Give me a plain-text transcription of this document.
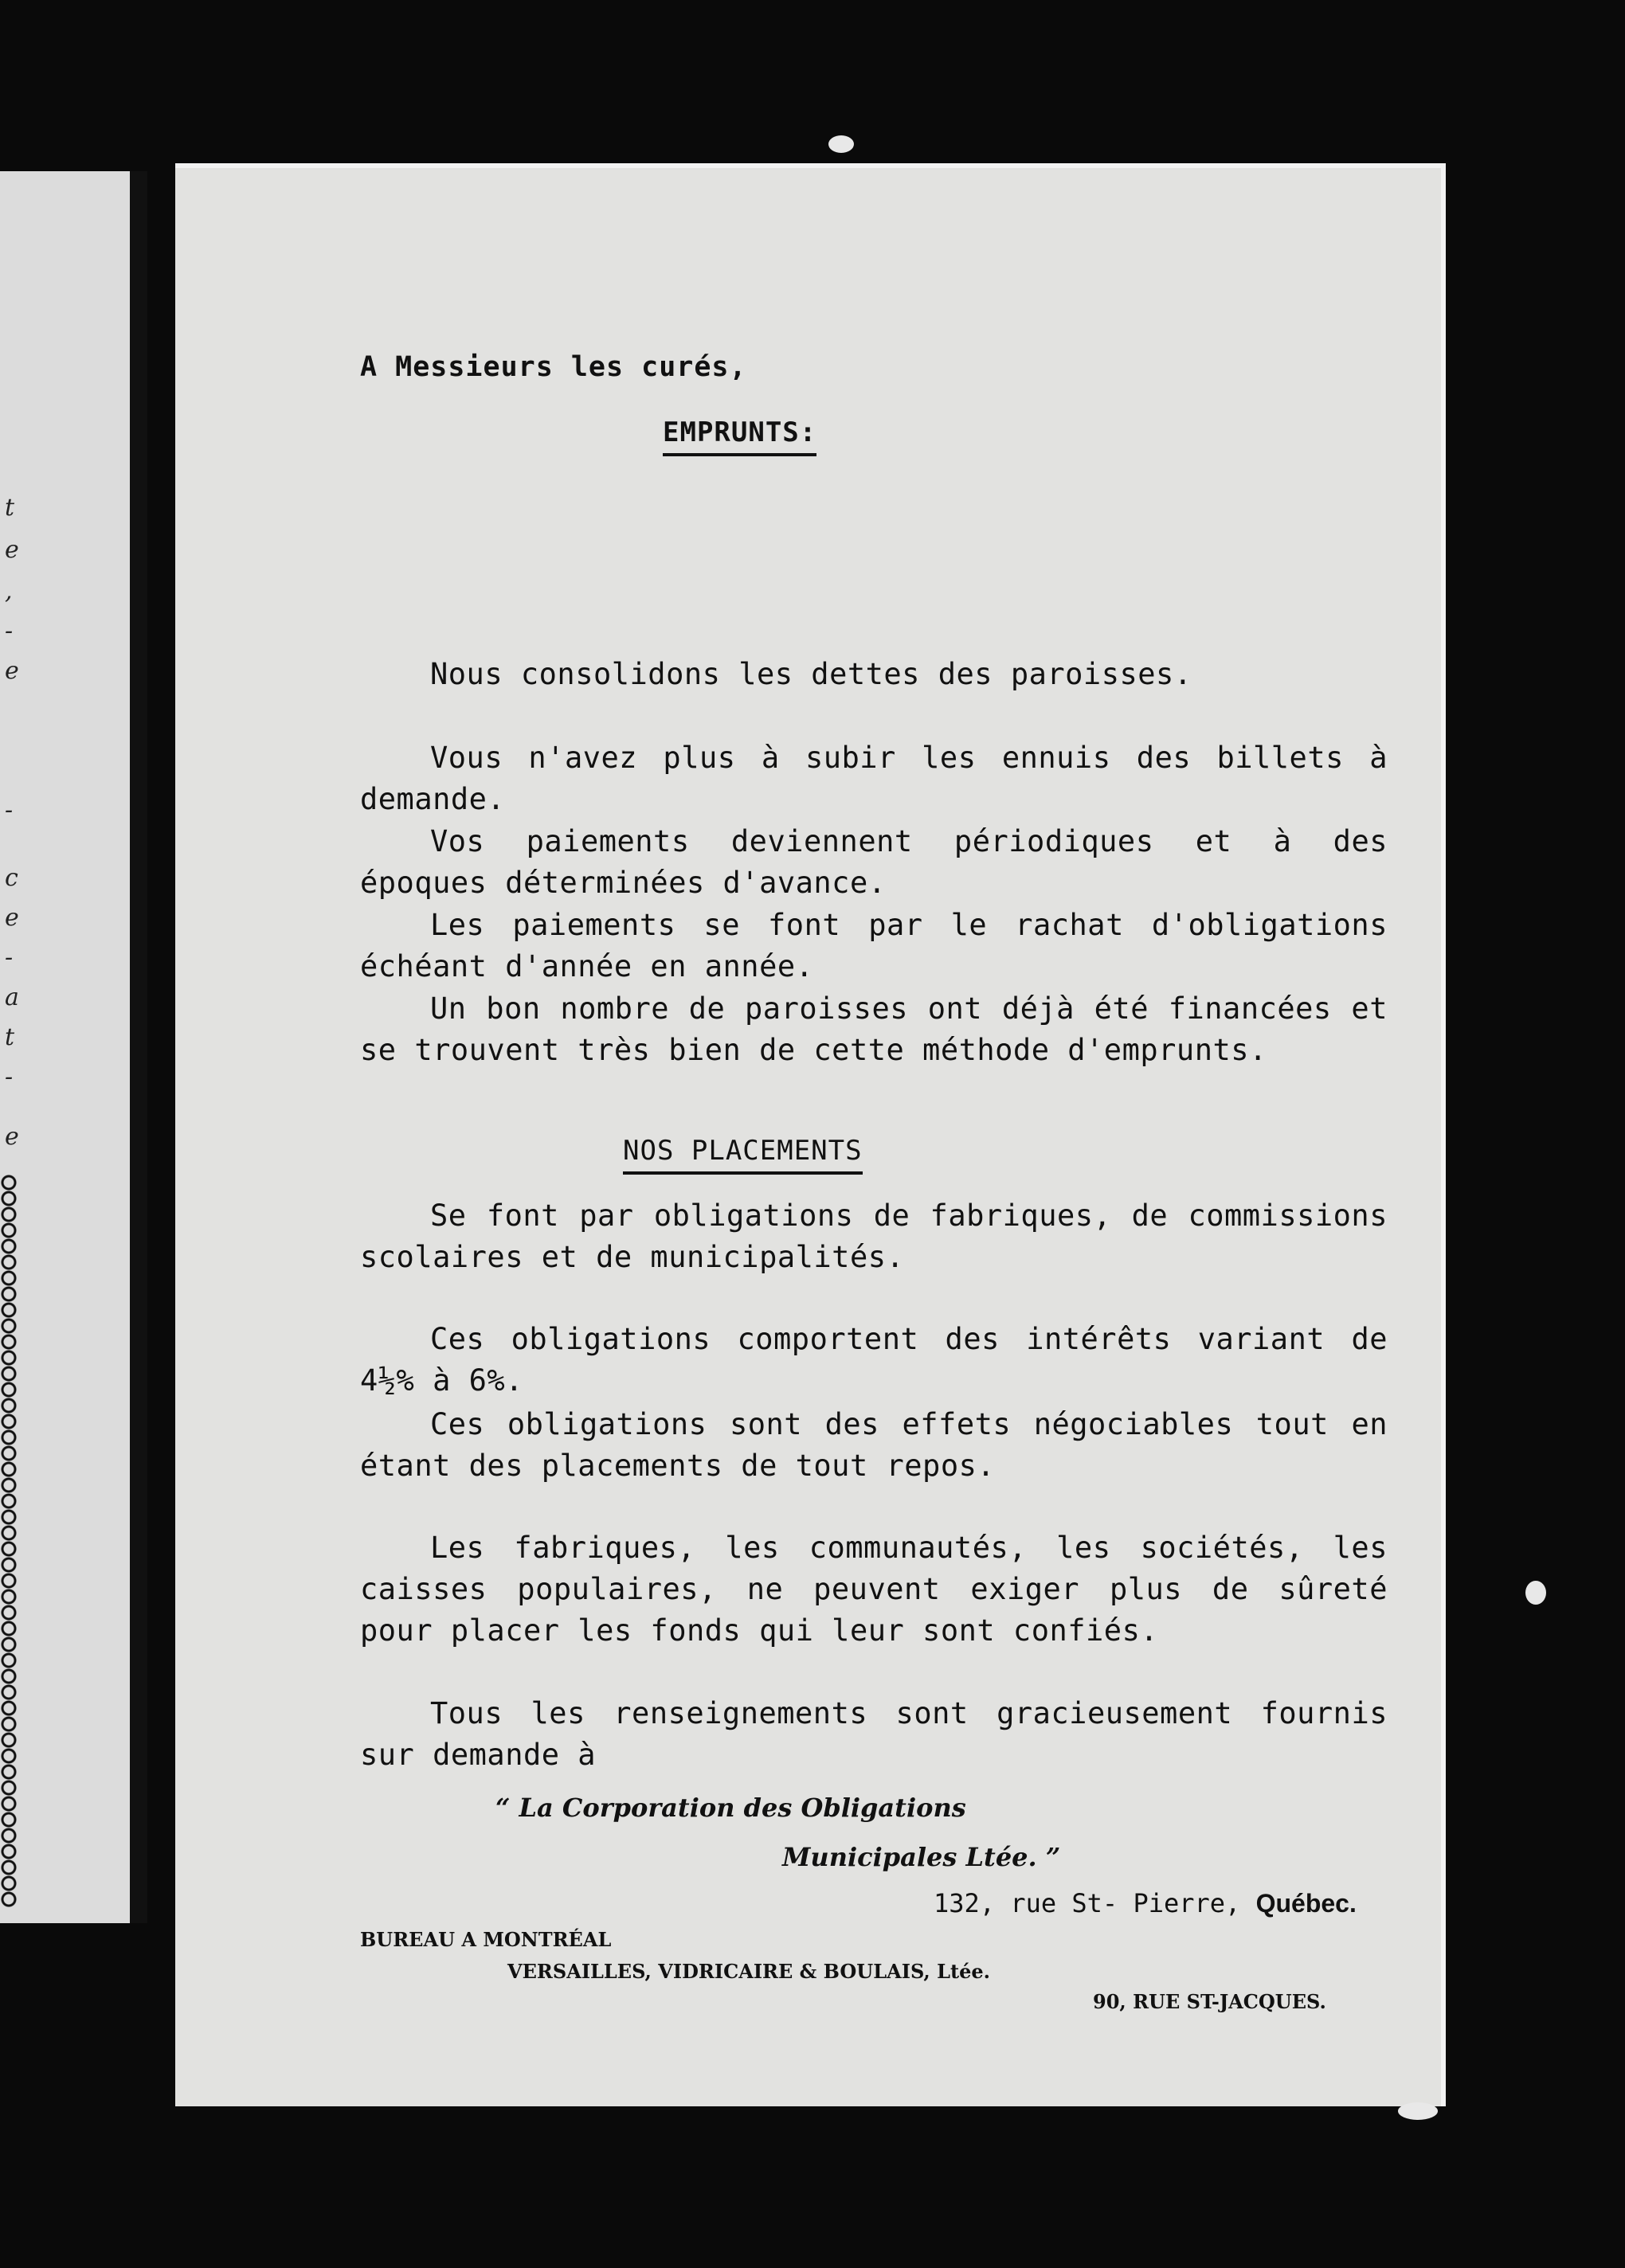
t
e
,
-
e
-
c
e
-
a
t
-
e
A Messieurs les curés,
EMPRUNTS:
Nous consolidons les dettes des paroisses.
Vous n'avez plus à subir les ennuis des billets à demande.
Vos paiements deviennent périodiques et à des époques déterminées d'avance.
Les paiements se font par le rachat d'obligations échéant d'année en année.
Un bon nombre de paroisses ont déjà été financées et se trouvent très bien de cette méthode d'emprunts.
NOS PLACEMENTS
Se font par obligations de fabriques, de commissions scolaires et de municipalités.
Ces obligations comportent des intérêts variant de 4½% à 6%.
Ces obligations sont des effets négociables tout en étant des placements de tout repos.
Les fabriques, les communautés, les sociétés, les caisses populaires, ne peuvent exiger plus de sûreté pour placer les fonds qui leur sont confiés.
Tous les renseignements sont gracieusement fournis sur demande à
“ La Corporation des Obligations
Municipales Ltée. ”
132, rue St- Pierre, Québec.
BUREAU A MONTRÉAL
VERSAILLES, VIDRICAIRE & BOULAIS, Ltée.
90, RUE ST-JACQUES.
